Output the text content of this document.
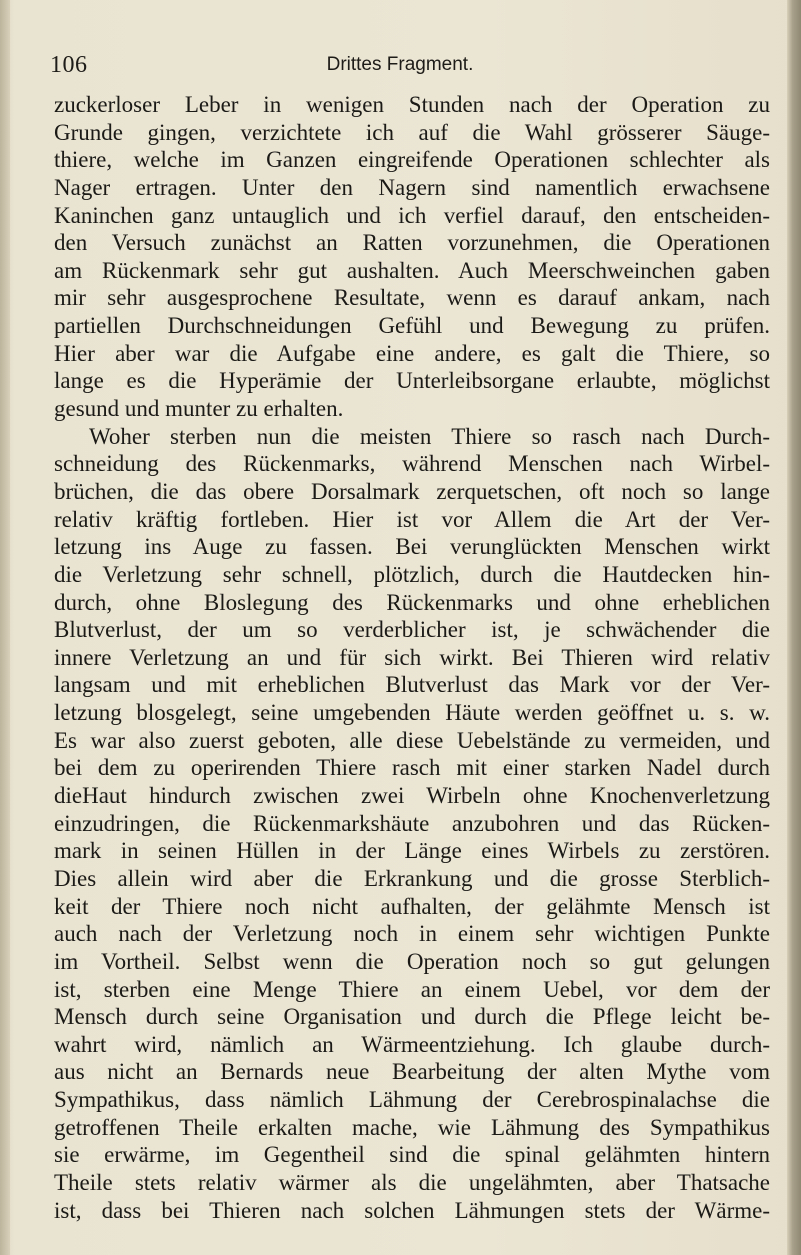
106	Drittes Fragment.
zuckerloser Leber in wenigen Stunden nach der Operation zu
Grunde gingen, verzichtete ich auf die Wahl grösserer Säuge-
thiere, welche im Ganzen eingreifende Operationen schlechter als
Nager ertragen. Unter den Nagern sind namentlich erwachsene
Kaninchen ganz untauglich und ich verfiel darauf, den entscheiden-
den Versuch zunächst an Ratten vorzunehmen, die Operationen
am Rückenmark sehr gut aushalten. Auch Meerschweinchen gaben
mir sehr ausgesprochene Resultate, wenn es darauf ankam, nach
partiellen Durchschneidungen Gefühl und Bewegung zu prüfen.
Hier aber war die Aufgabe eine andere, es galt die Thiere, so
lange es die Hyperämie der Unterleibsorgane erlaubte, möglichst
gesund und munter zu erhalten.
Woher sterben nun die meisten Thiere so rasch nach Durch-
schneidung des Rückenmarks, während Menschen nach Wirbel-
brüchen, die das obere Dorsalmark zerquetschen, oft noch so lange
relativ kräftig fortleben. Hier ist vor Allem die Art der Ver-
letzung ins Auge zu fassen. Bei verunglückten Menschen wirkt
die Verletzung sehr schnell, plötzlich, durch die Hautdecken hin-
durch, ohne Bloslegung des Rückenmarks und ohne erheblichen
Blutverlust, der um so verderblicher ist, je schwächender die
innere Verletzung an und für sich wirkt. Bei Thieren wird relativ
langsam und mit erheblichen Blutverlust das Mark vor der Ver-
letzung blosgelegt, seine umgebenden Häute werden geöffnet u. s. w.
Es war also zuerst geboten, alle diese Uebelstände zu vermeiden, und
bei dem zu operirenden Thiere rasch mit einer starken Nadel durch
dieHaut hindurch zwischen zwei Wirbeln ohne Knochenverletzung
einzudringen, die Rückenmarkshäute anzubohren und das Rücken-
mark in seinen Hüllen in der Länge eines Wirbels zu zerstören.
Dies allein wird aber die Erkrankung und die grosse Sterblich-
keit der Thiere noch nicht aufhalten, der gelähmte Mensch ist
auch nach der Verletzung noch in einem sehr wichtigen Punkte
im Vortheil. Selbst wenn die Operation noch so gut gelungen
ist, sterben eine Menge Thiere an einem Uebel, vor dem der
Mensch durch seine Organisation und durch die Pflege leicht be-
wahrt wird, nämlich an Wärmeentziehung. Ich glaube durch-
aus nicht an Bernards neue Bearbeitung der alten Mythe vom
Sympathikus, dass nämlich Lähmung der Cerebrospinalachse die
getroffenen Theile erkalten mache, wie Lähmung des Sympathikus
sie erwärme, im Gegentheil sind die spinal gelähmten hintern
Theile stets relativ wärmer als die ungelähmten, aber Thatsache
ist, dass bei Thieren nach solchen Lähmungen stets der Wärme-
